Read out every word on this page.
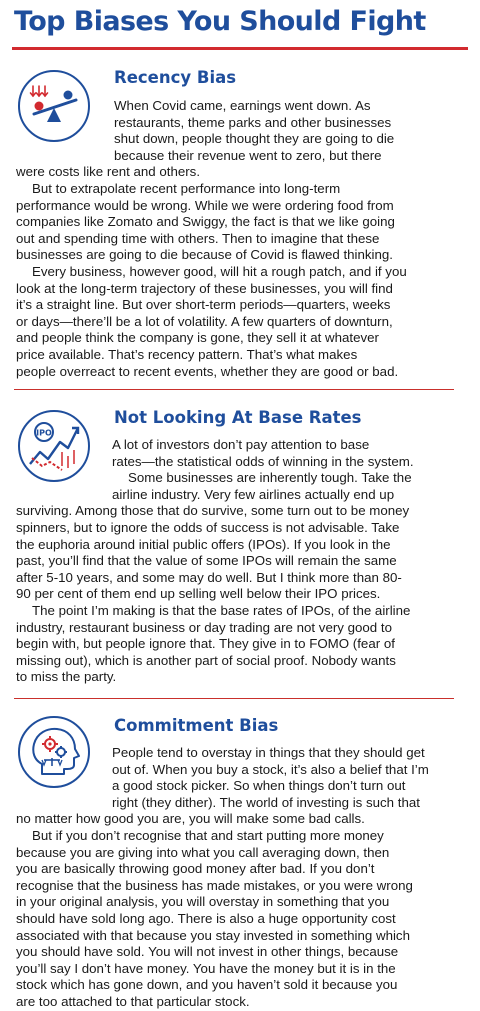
Top Biases You Should Fight
Recency Bias
When Covid came, earnings went down. As
restaurants, theme parks and other businesses
shut down, people thought they are going to die
because their revenue went to zero, but there
were costs like rent and others.
But to extrapolate recent performance into long-term
performance would be wrong. While we were ordering food from
companies like Zomato and Swiggy, the fact is that we like going
out and spending time with others. Then to imagine that these
businesses are going to die because of Covid is flawed thinking.
Every business, however good, will hit a rough patch, and if you
look at the long-term trajectory of these businesses, you will find
it’s a straight line. But over short-term periods—quarters, weeks
or days—there’ll be a lot of volatility. A few quarters of downturn,
and people think the company is gone, they sell it at whatever
price available. That’s recency pattern. That’s what makes
people overreact to recent events, whether they are good or bad.
IPO
Not Looking At Base Rates
A lot of investors don’t pay attention to base
rates—the statistical odds of winning in the system.
Some businesses are inherently tough. Take the
airline industry. Very few airlines actually end up
surviving. Among those that do survive, some turn out to be money
spinners, but to ignore the odds of success is not advisable. Take
the euphoria around initial public offers (IPOs). If you look in the
past, you’ll find that the value of some IPOs will remain the same
after 5-10 years, and some may do well. But I think more than 80-
90 per cent of them end up selling well below their IPO prices.
The point I’m making is that the base rates of IPOs, of the airline
industry, restaurant business or day trading are not very good to
begin with, but people ignore that. They give in to FOMO (fear of
missing out), which is another part of social proof. Nobody wants
to miss the party.
Commitment Bias
People tend to overstay in things that they should get
out of. When you buy a stock, it’s also a belief that I’m
a good stock picker. So when things don’t turn out
right (they dither). The world of investing is such that
no matter how good you are, you will make some bad calls.
But if you don’t recognise that and start putting more money
because you are giving into what you call averaging down, then
you are basically throwing good money after bad. If you don’t
recognise that the business has made mistakes, or you were wrong
in your original analysis, you will overstay in something that you
should have sold long ago. There is also a huge opportunity cost
associated with that because you stay invested in something which
you should have sold. You will not invest in other things, because
you’ll say I don’t have money. You have the money but it is in the
stock which has gone down, and you haven’t sold it because you
are too attached to that particular stock.
